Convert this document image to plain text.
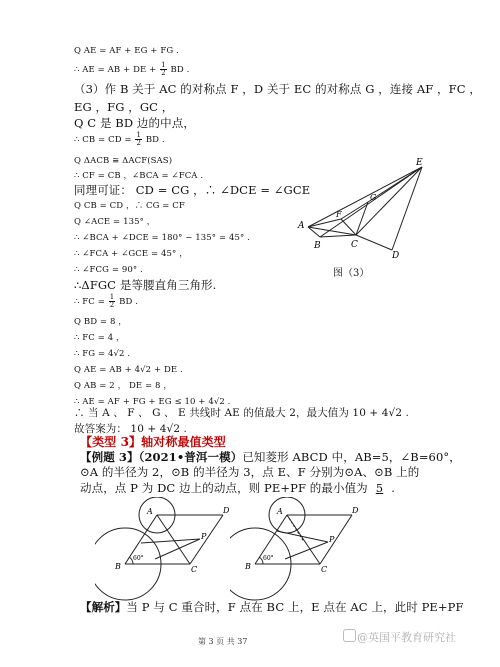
Q AE = AF + EG + FG .
∴ AE = AB + DE + $\frac{1}{2}$ BD .
（3）作 B 关于 AC 的对称点 F ，D 关于 EC 的对称点 G ，连接 AF ，FC ，
EG ，FG ，GC ，
Q C 是 BD 边的中点，
∴ CB = CD = $\frac{1}{2}$ BD .
Q ΔACB ≅ ΔACF(SAS)
∴ CF = CB ，∠BCA = ∠FCA .
同理可证： CD = CG ，∴ ∠DCE = ∠GCE
Q CB = CD ，∴ CG = CF
Q ∠ACE = 135° ，
∴ ∠BCA + ∠DCE = 180° − 135° = 45° .
∴ ∠FCA + ∠GCE = 45° ，
∴ ∠FCG = 90° .
∴ΔFGC 是等腰直角三角形.
∴ FC = $\frac{1}{2}$ BD .
Q BD = 8 ，
∴ FC = 4 ，
∴ FG = 4√2 .
Q AE = AB + 4√2 + DE .
Q AB = 2 ， DE = 8 ，
∴ AE = AF + FG + EG ≤ 10 + 4√2 .
∴ 当 A 、 F 、 G 、 E 共线时 AE 的值最大 2，最大值为 10 + 4√2 .
故答案为： 10 + 4√2 .
【类型 3】轴对称最值类型
【例题 3】（2021•普洱一模）已知菱形 ABCD 中，AB=5，∠B=60°，
⊙A 的半径为 2，⊙B 的半径为 3，点 E、F 分别为⊙A、⊙B 上的
动点，点 P 为 DC 边上的动点，则 PE+PF 的最小值为 5 .
【解析】当 P 与 C 重合时，F 点在 BC 上，E 点在 AC 上，此时 PE+PF
A
B	C
D
E
F
G
图（3）
A
B	C
D
P
60°
A
B	C
D
P
60°
第 3 页 共 37	@英国平教育研究社
